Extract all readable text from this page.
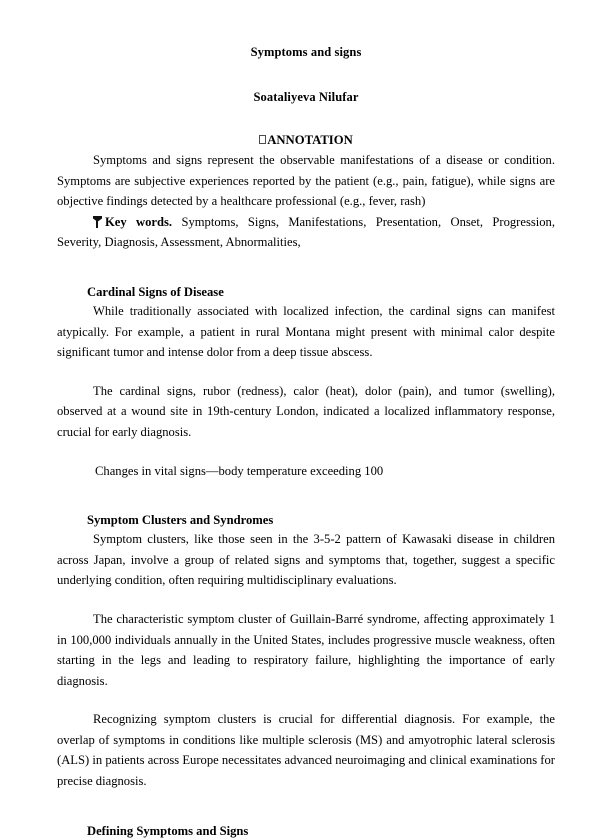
Symptoms and signs
Soataliyeva Nilufar
ANNOTATION

Symptoms and signs represent the observable manifestations of a disease or condition. Symptoms are subjective experiences reported by the patient (e.g., pain, fatigue), while signs are objective findings detected by a healthcare professional (e.g., fever, rash)

Key words. Symptoms, Signs, Manifestations, Presentation, Onset, Progression, Severity, Diagnosis, Assessment, Abnormalities,

Cardinal Signs of Disease

While traditionally associated with localized infection, the cardinal signs can manifest atypically. For example, a patient in rural Montana might present with minimal calor despite significant tumor and intense dolor from a deep tissue abscess.

The cardinal signs, rubor (redness), calor (heat), dolor (pain), and tumor (swelling), observed at a wound site in 19th-century London, indicated a localized inflammatory response, crucial for early diagnosis.

Changes in vital signs—body temperature exceeding 100

Symptom Clusters and Syndromes

Symptom clusters, like those seen in the 3-5-2 pattern of Kawasaki disease in children across Japan, involve a group of related signs and symptoms that, together, suggest a specific underlying condition, often requiring multidisciplinary evaluations.

The characteristic symptom cluster of Guillain-Barré syndrome, affecting approximately 1 in 100,000 individuals annually in the United States, includes progressive muscle weakness, often starting in the legs and leading to respiratory failure, highlighting the importance of early diagnosis.

Recognizing symptom clusters is crucial for differential diagnosis. For example, the overlap of symptoms in conditions like multiple sclerosis (MS) and amyotrophic lateral sclerosis (ALS) in patients across Europe necessitates advanced neuroimaging and clinical examinations for precise diagnosis.

Defining Symptoms and Signs
